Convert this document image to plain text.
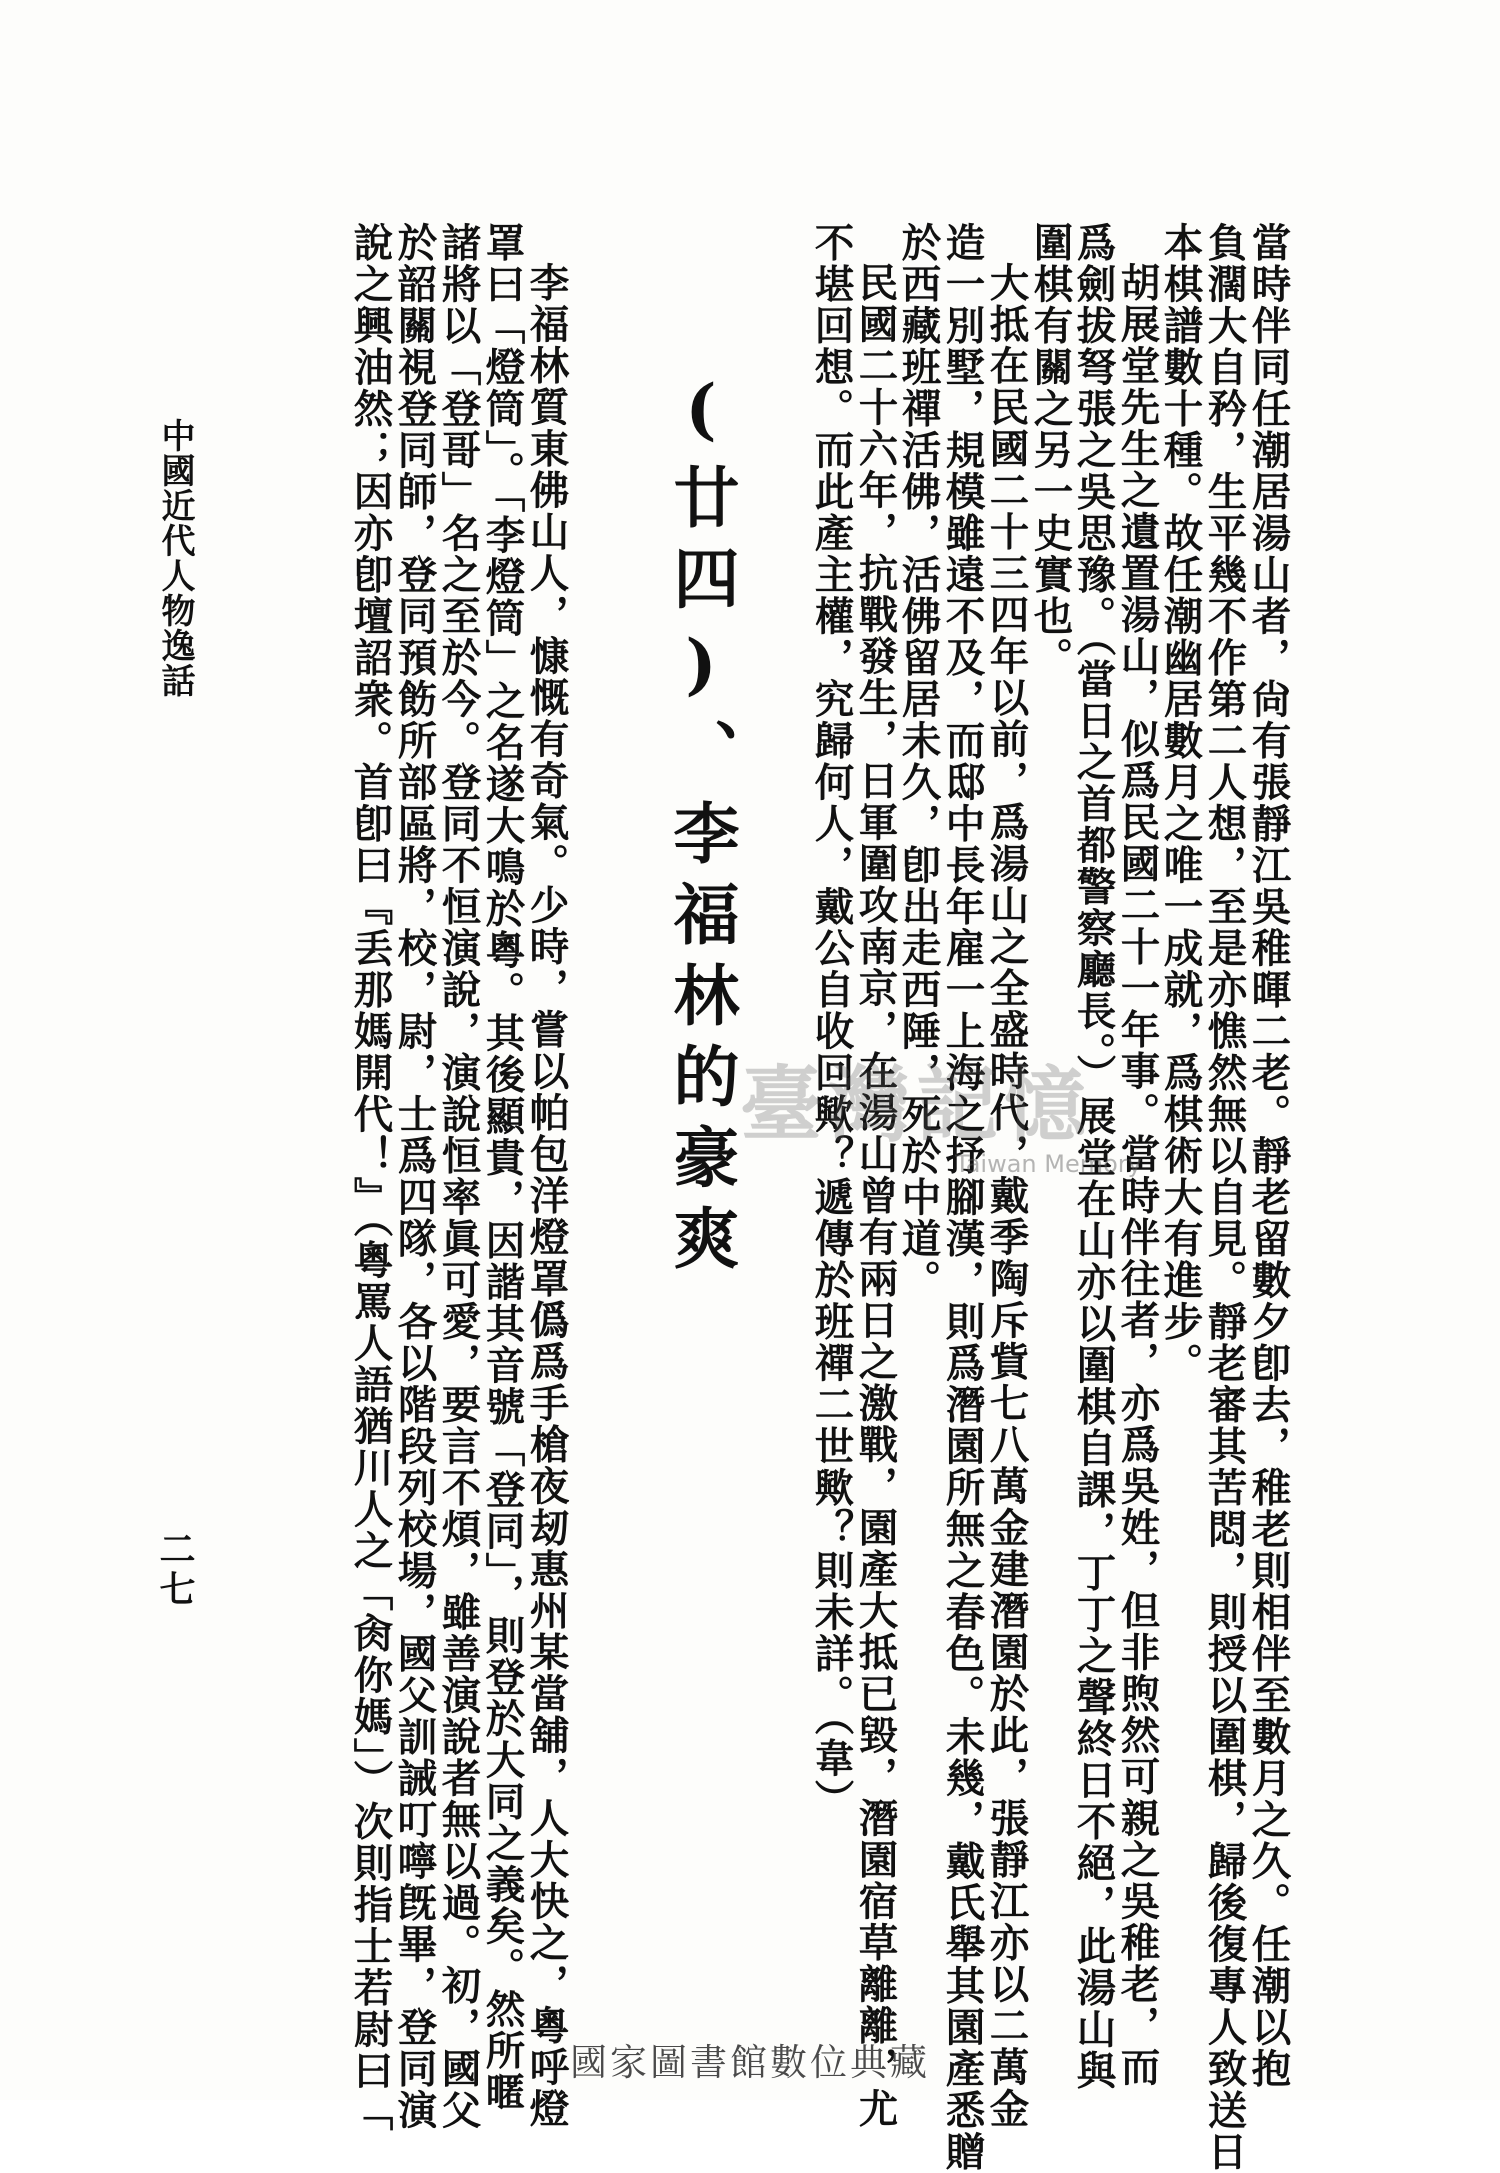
當時伴同任潮居湯山者，尙有張靜江吳稚暉二老。靜老留數夕卽去，稚老則相伴至數月之久。任潮以抱
負濶大自矜，生平幾不作第二人想，至是亦憔然無以自見。靜老審其苦悶，則授以圍棋，歸後復專人致送日
本棋譜數十種。故任潮幽居數月之唯一成就，爲棋術大有進步。
胡展堂先生之遺置湯山，似爲民國二十一年事。當時伴往者，亦爲吳姓，但非煦然可親之吳稚老，而
爲劍拔弩張之吳思豫。（當日之首都警察廳長。）展堂在山亦以圍棋自課，丁丁之聲終日不絕，此湯山與
圍棋有關之另一史實也。
大抵在民國二十三四年以前，爲湯山之全盛時代，戴季陶斥貲七八萬金建潛園於此，張靜江亦以二萬金
造一別墅，規模雖遠不及，而邸中長年雇一上海之抒腳漢，則爲潛園所無之春色。未幾，戴氏舉其園產悉贈
於西藏班禪活佛，活佛留居未久，卽出走西陲，死於中道。
民國二十六年，抗戰發生，日軍圍攻南京，在湯山曾有兩日之激戰，園產大抵已毀，潛園宿草離離，尤
不堪回想。而此產主權，究歸何人，戴公自收回歟？遞傳於班禪二世歟？則未詳。（韋）
(廿四)、李福林的豪爽
李福林質東佛山人，慷慨有奇氣。少時，嘗以帕包洋燈罩僞爲手槍夜刼惠州某當舖，人大快之，粵呼燈
罩曰「燈筒」。「李燈筒」之名遂大鳴於粵。其後顯貴，因諧其音號「登同」，則登於大同之義矣。然所暱
諸將以「登哥」名之至於今。登同不恒演說，演說恒率眞可愛，要言不煩，雖善演說者無以過。初，國父
於韶關視登同師，登同預飭所部區將，校，尉，士爲四隊，各以階段列校場，國父訓誡叮嚀旣畢，登同演
說之興油然；因亦卽壇詔衆。首卽曰『丢那媽開代！』（粵罵人語猶川人之「肏你媽」）次則指士若尉曰「
中國近代人物逸話
二七
臺灣記憶
Taiwan Memory
國家圖書館數位典藏
